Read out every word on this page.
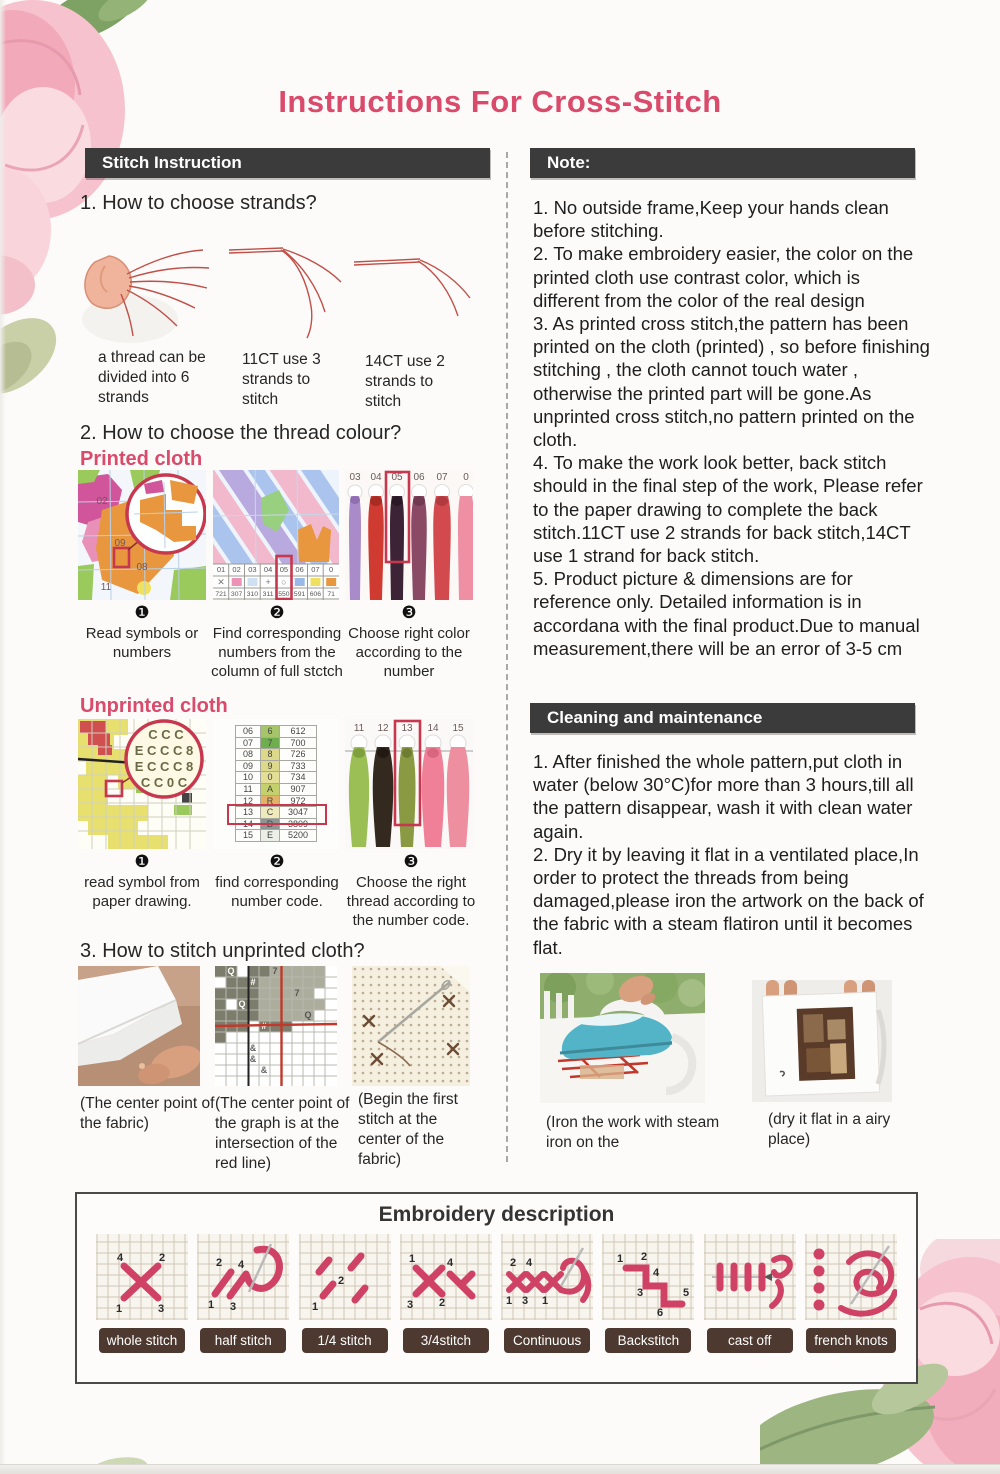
Instructions For Cross-Stitch
Stitch Instruction	Note:
1. How to choose strands?
a thread can be divided into 6 strands
11CT use 3 strands to stitch
14CT use 2 strands to stitch
2. How to choose the thread colour?
Printed cloth
02
09
08
11
01 02 03 04 05 06 07 0
721 307 310 311 550 591 606 71
✕	+ ○
03 04 05 06 07 0
❶
Read symbols or numbers
❷
Find corresponding numbers from the column of full stctch
❸
Choose right color according to the number
Unprinted cloth
C C C
E C C C 8
E C C C 8
C C 0 C
06	6	612
07	7	700
08	8	726
09	9	733
10	0	734
11	A	907
12	R	972
13	C	3047
14	D	3809
15	E	5200
11 12 13 14 15
❶
read symbol from paper drawing.
❷
find corresponding number code.
❸
Choose the right thread according to the number code.
3. How to stitch unprinted cloth?
Q
#
7
7
Q
Q
&
&
&
(The center point of the fabric)
(The center point of the graph is at the intersection of the red line)
(Begin the first stitch at the center of the fabric)

1. No outside frame,Keep your hands clean before stitching.

2. To make embroidery easier, the color on the printed cloth use contrast color, which is different from the color of the real design

3. As printed cross stitch,the pattern has been printed on the cloth (printed) , so before finishing stitching , the cloth cannot touch water , otherwise the printed part will be gone.As unprinted cross stitch,no pattern printed on the cloth.

4. To make the work look better, back stitch should in the final step of the work, Please refer to the paper drawing to complete the back stitch.11CT use 2 strands for back stitch,14CT use 1 strand for back stitch.

5. Product picture & dimensions are for reference only. Detailed information is in accordana with the final product.Due to manual measurement,there will be an error of 3-5 cm

Cleaning and maintenance

1. After finished the whole pattern,put cloth in water (below 30°C)for more than 3 hours,till all the pattern disappear, wash it with clean water again.

2. Dry it by leaving it flat in a ventilated place,In order to protect the threads from being damaged,please iron the artwork on the back of the fabric with a steam flatiron until it becomes flat.

(Iron the work with steam iron on the
(dry it flat in a airy place)
Embroidery description
4	2
1	3
whole stitch
2 4
1 3
half stitch
2
1
1/4 stitch
1	4
3 2
3/4stitch
2 4
1 3 1
Continuous
1 2
4
3
6
5
Backstitch	cast off	french knots
